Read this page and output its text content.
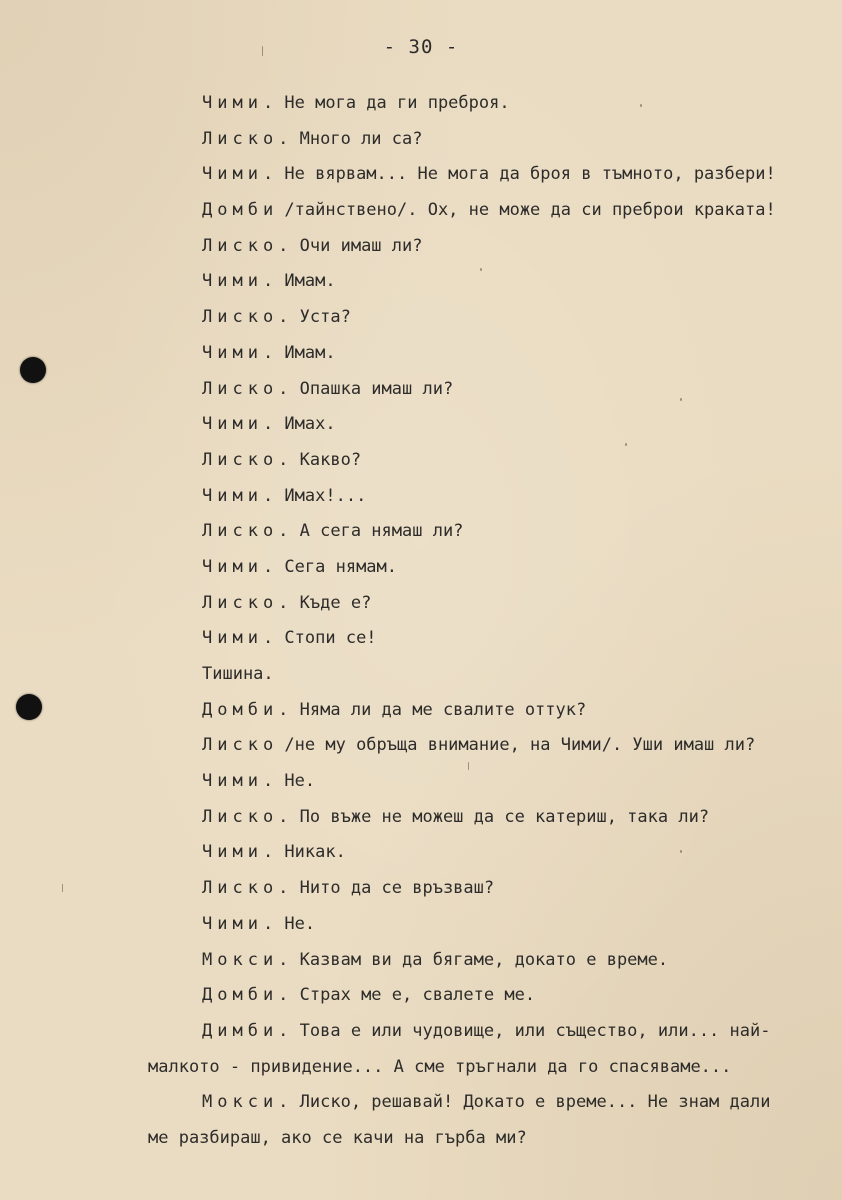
- 30 -
Чими. Не мога да ги преброя.
Лиско. Много ли са?
Чими. Не вярвам... Не мога да броя в тъмното, разбери!
Домби /тайнствено/. Ох, не може да си преброи краката!
Лиско. Очи имаш ли?
Чими. Имам.
Лиско. Уста?
Чими. Имам.
Лиско. Опашка имаш ли?
Чими. Имах.
Лиско. Какво?
Чими. Имах!...
Лиско. А сега нямаш ли?
Чими. Сега нямам.
Лиско. Къде е?
Чими. Стопи се!
Тишина.
Домби. Няма ли да ме свалите оттук?
Лиско /не му обръща внимание, на Чими/. Уши имаш ли?
Чими. Не.
Лиско. По въже не можеш да се катериш, така ли?
Чими. Никак.
Лиско. Нито да се връзваш?
Чими. Не.
Мокси. Казвам ви да бягаме, докато е време.
Домби. Страх ме е, свалете ме.
Димби. Това е или чудовище, или същество, или... най-
малкото - привидение... А сме тръгнали да го спасяваме...
Мокси. Лиско, решавай! Докато е време... Не знам дали
ме разбираш, ако се качи на гърба ми?
